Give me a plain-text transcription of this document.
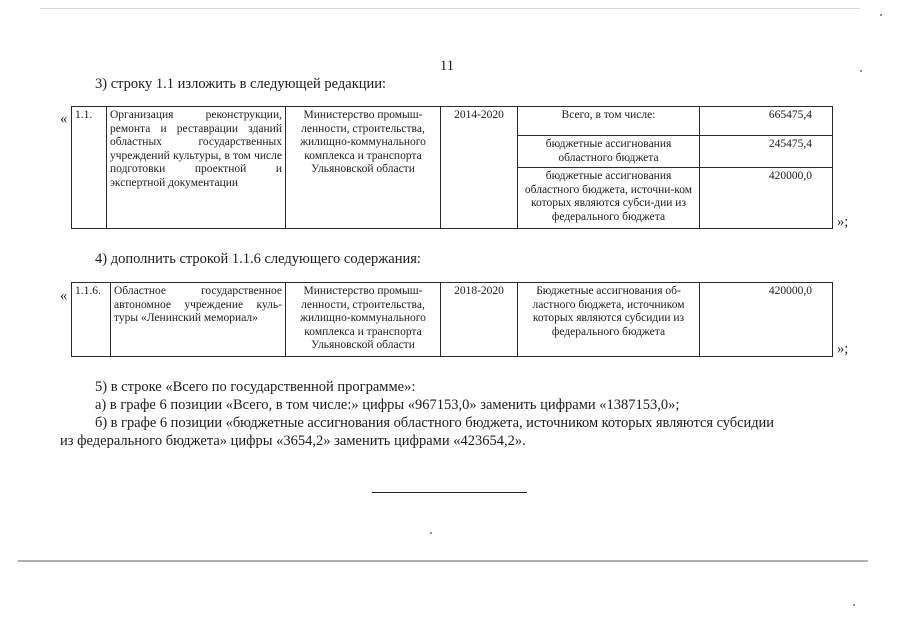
11
3) строку 1.1 изложить в следующей редакции:
« 1.1.	Организация реконструкции, ремонта и реставрации зданий областных государственных учреждений культуры, в том числе подготовки проектной и экспертной документации	Министерство промыш-ленности, строительства, жилищно-коммунального комплекса и транспорта Ульяновской области	2014-2020	Всего, в том числе:	665475,4
				бюджетные ассигнования областного бюджета	245475,4
				бюджетные ассигнования областного бюджета, источни-ком которых являются субси-дии из федерального бюджета	420000,0
»;
4) дополнить строкой 1.1.6 следующего содержания:
« 1.1.6.	Областное государственное автономное учреждение куль-туры «Ленинский мемориал»	Министерство промыш-ленности, строительства, жилищно-коммунального комплекса и транспорта Ульяновской области	2018-2020	Бюджетные ассигнования об-ластного бюджета, источником которых являются субсидии из федерального бюджета	420000,0
»;
5) в строке «Всего по государственной программе»:
а) в графе 6 позиции «Всего, в том числе:» цифры «967153,0» заменить цифрами «1387153,0»;
б) в графе 6 позиции «бюджетные ассигнования областного бюджета, источником которых являются субсидии
из федерального бюджета» цифры «3654,2» заменить цифрами «423654,2».
